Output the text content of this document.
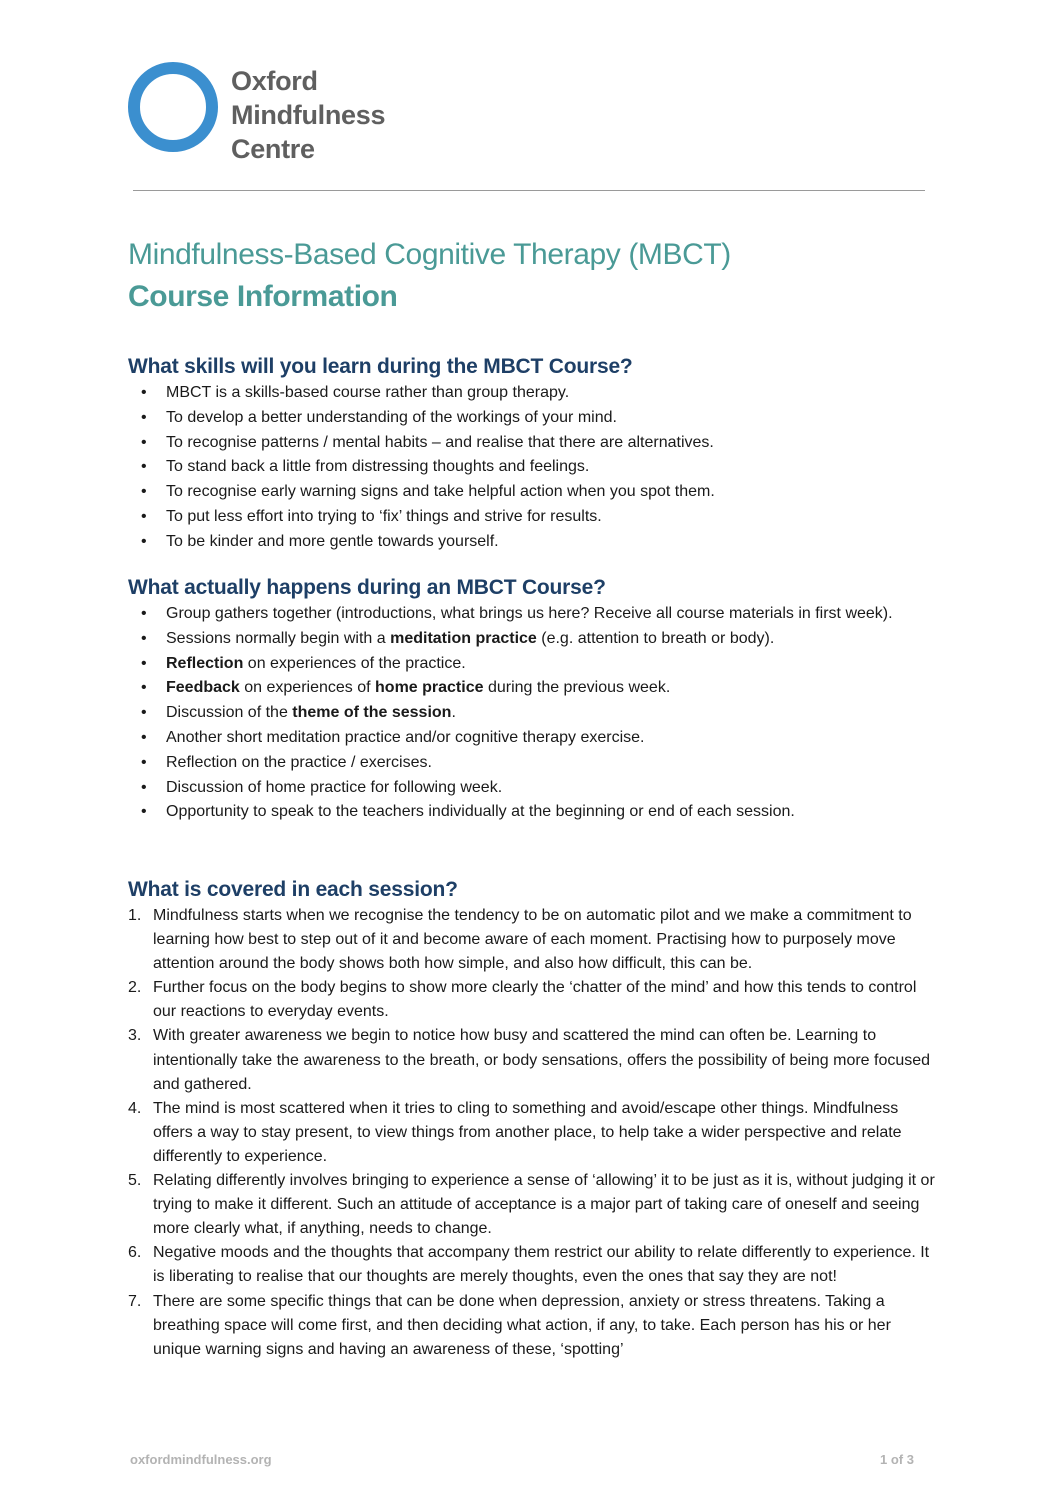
Oxford
Mindfulness
Centre
Mindfulness-Based Cognitive Therapy (MBCT)
Course Information
What skills will you learn during the MBCT Course?
• MBCT is a skills-based course rather than group therapy.
• To develop a better understanding of the workings of your mind.
• To recognise patterns / mental habits – and realise that there are alternatives.
• To stand back a little from distressing thoughts and feelings.
• To recognise early warning signs and take helpful action when you spot them.
• To put less effort into trying to ‘fix’ things and strive for results.
• To be kinder and more gentle towards yourself.
What actually happens during an MBCT Course?
• Group gathers together (introductions, what brings us here? Receive all course materials in first week).
• Sessions normally begin with a meditation practice (e.g. attention to breath or body).
• Reflection on experiences of the practice.
• Feedback on experiences of home practice during the previous week.
• Discussion of the theme of the session.
• Another short meditation practice and/or cognitive therapy exercise.
• Reflection on the practice / exercises.
• Discussion of home practice for following week.
• Opportunity to speak to the teachers individually at the beginning or end of each session.
What is covered in each session?
1. Mindfulness starts when we recognise the tendency to be on automatic pilot and we make a commitment to learning how best to step out of it and become aware of each moment. Practising how to purposely move attention around the body shows both how simple, and also how difficult, this can be.
2. Further focus on the body begins to show more clearly the ‘chatter of the mind’ and how this tends to control our reactions to everyday events.
3. With greater awareness we begin to notice how busy and scattered the mind can often be. Learning to intentionally take the awareness to the breath, or body sensations, offers the possibility of being more focused and gathered.
4. The mind is most scattered when it tries to cling to something and avoid/escape other things. Mindfulness offers a way to stay present, to view things from another place, to help take a wider perspective and relate differently to experience.
5. Relating differently involves bringing to experience a sense of ‘allowing’ it to be just as it is, without judging it or trying to make it different. Such an attitude of acceptance is a major part of taking care of oneself and seeing more clearly what, if anything, needs to change.
6. Negative moods and the thoughts that accompany them restrict our ability to relate differently to experience. It is liberating to realise that our thoughts are merely thoughts, even the ones that say they are not!
7. There are some specific things that can be done when depression, anxiety or stress threatens. Taking a breathing space will come first, and then deciding what action, if any, to take. Each person has his or her unique warning signs and having an awareness of these, ‘spotting’
oxfordmindfulness.org	1 of 3
